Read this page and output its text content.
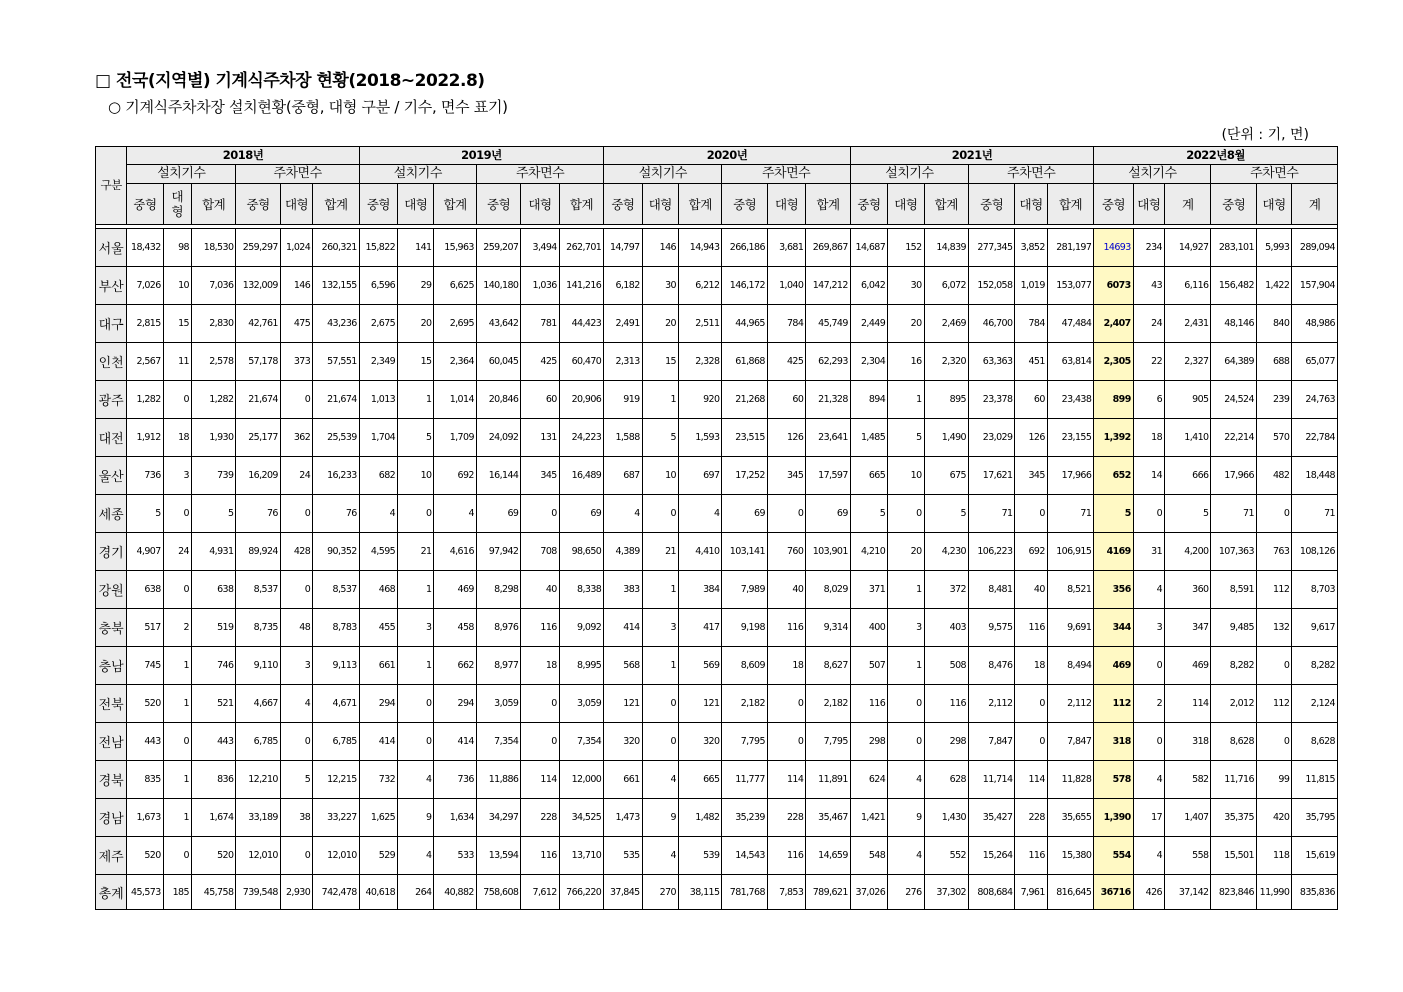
□ 전국(지역별) 기계식주차장 현황(2018~2022.8)
○ 기계식주차차장 설치현황(중형, 대형 구분 / 기수, 면수 표기)
(단위 : 기, 면)
구분	2018년						2019년						2020년						2021년						2022년8월					
	설치기수			주차면수			설치기수			주차면수			설치기수			주차면수			설치기수			주차면수			설치기수			주차면수		
	중형	대
형	합계	중형	대형	합계	중형	대형	합계	중형	대형	합계	중형	대형	합계	중형	대형	합계	중형	대형	합계	중형	대형	합계	중형	대형	계	중형	대형	계

서울	18,432	98	18,530	259,297	1,024	260,321	15,822	141	15,963	259,207	3,494	262,701	14,797	146	14,943	266,186	3,681	269,867	14,687	152	14,839	277,345	3,852	281,197	14693	234	14,927	283,101	5,993	289,094
부산	7,026	10	7,036	132,009	146	132,155	6,596	29	6,625	140,180	1,036	141,216	6,182	30	6,212	146,172	1,040	147,212	6,042	30	6,072	152,058	1,019	153,077	6073	43	6,116	156,482	1,422	157,904
대구	2,815	15	2,830	42,761	475	43,236	2,675	20	2,695	43,642	781	44,423	2,491	20	2,511	44,965	784	45,749	2,449	20	2,469	46,700	784	47,484	2,407	24	2,431	48,146	840	48,986
인천	2,567	11	2,578	57,178	373	57,551	2,349	15	2,364	60,045	425	60,470	2,313	15	2,328	61,868	425	62,293	2,304	16	2,320	63,363	451	63,814	2,305	22	2,327	64,389	688	65,077
광주	1,282	0	1,282	21,674	0	21,674	1,013	1	1,014	20,846	60	20,906	919	1	920	21,268	60	21,328	894	1	895	23,378	60	23,438	899	6	905	24,524	239	24,763
대전	1,912	18	1,930	25,177	362	25,539	1,704	5	1,709	24,092	131	24,223	1,588	5	1,593	23,515	126	23,641	1,485	5	1,490	23,029	126	23,155	1,392	18	1,410	22,214	570	22,784
울산	736	3	739	16,209	24	16,233	682	10	692	16,144	345	16,489	687	10	697	17,252	345	17,597	665	10	675	17,621	345	17,966	652	14	666	17,966	482	18,448
세종	5	0	5	76	0	76	4	0	4	69	0	69	4	0	4	69	0	69	5	0	5	71	0	71	5	0	5	71	0	71
경기	4,907	24	4,931	89,924	428	90,352	4,595	21	4,616	97,942	708	98,650	4,389	21	4,410	103,141	760	103,901	4,210	20	4,230	106,223	692	106,915	4169	31	4,200	107,363	763	108,126
강원	638	0	638	8,537	0	8,537	468	1	469	8,298	40	8,338	383	1	384	7,989	40	8,029	371	1	372	8,481	40	8,521	356	4	360	8,591	112	8,703
충북	517	2	519	8,735	48	8,783	455	3	458	8,976	116	9,092	414	3	417	9,198	116	9,314	400	3	403	9,575	116	9,691	344	3	347	9,485	132	9,617
충남	745	1	746	9,110	3	9,113	661	1	662	8,977	18	8,995	568	1	569	8,609	18	8,627	507	1	508	8,476	18	8,494	469	0	469	8,282	0	8,282
전북	520	1	521	4,667	4	4,671	294	0	294	3,059	0	3,059	121	0	121	2,182	0	2,182	116	0	116	2,112	0	2,112	112	2	114	2,012	112	2,124
전남	443	0	443	6,785	0	6,785	414	0	414	7,354	0	7,354	320	0	320	7,795	0	7,795	298	0	298	7,847	0	7,847	318	0	318	8,628	0	8,628
경북	835	1	836	12,210	5	12,215	732	4	736	11,886	114	12,000	661	4	665	11,777	114	11,891	624	4	628	11,714	114	11,828	578	4	582	11,716	99	11,815
경남	1,673	1	1,674	33,189	38	33,227	1,625	9	1,634	34,297	228	34,525	1,473	9	1,482	35,239	228	35,467	1,421	9	1,430	35,427	228	35,655	1,390	17	1,407	35,375	420	35,795
제주	520	0	520	12,010	0	12,010	529	4	533	13,594	116	13,710	535	4	539	14,543	116	14,659	548	4	552	15,264	116	15,380	554	4	558	15,501	118	15,619
총계	45,573	185	45,758	739,548	2,930	742,478	40,618	264	40,882	758,608	7,612	766,220	37,845	270	38,115	781,768	7,853	789,621	37,026	276	37,302	808,684	7,961	816,645	36716	426	37,142	823,846	11,990	835,836
